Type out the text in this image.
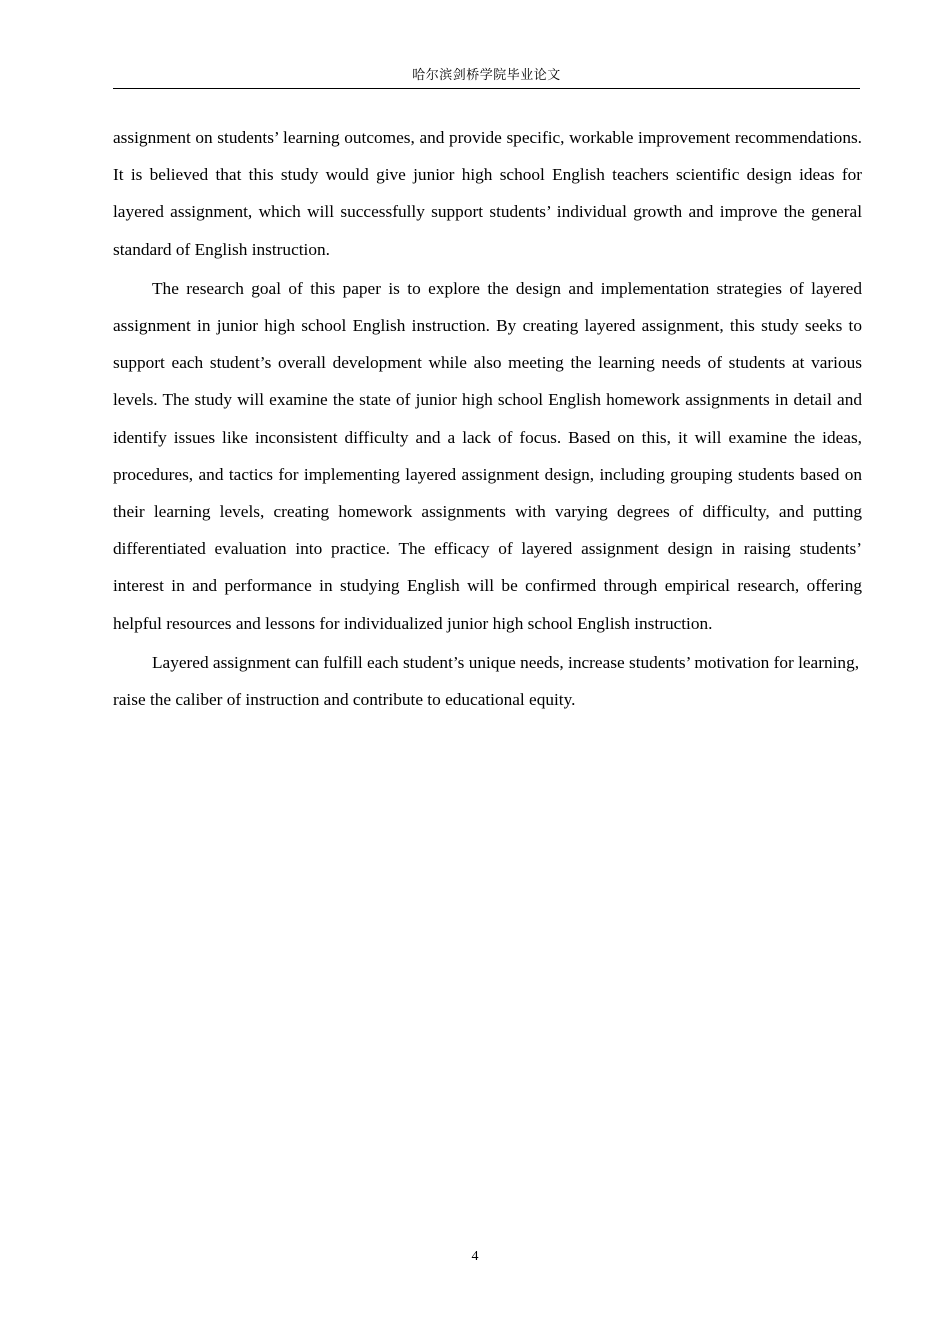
哈尔滨剑桥学院毕业论文

assignment on students’ learning outcomes, and provide specific, workable improvement recommendations. It is believed that this study would give junior high school English teachers scientific design ideas for layered assignment, which will successfully support students’ individual growth and improve the general standard of English instruction.

The research goal of this paper is to explore the design and implementation strategies of layered assignment in junior high school English instruction. By creating layered assignment, this study seeks to support each student’s overall development while also meeting the learning needs of students at various levels. The study will examine the state of junior high school English homework assignments in detail and identify issues like inconsistent difficulty and a lack of focus. Based on this, it will examine the ideas, procedures, and tactics for implementing layered assignment design, including grouping students based on their learning levels, creating homework assignments with varying degrees of difficulty, and putting differentiated evaluation into practice. The efficacy of layered assignment design in raising students’ interest in and performance in studying English will be confirmed through empirical research, offering helpful resources and lessons for individualized junior high school English instruction.

Layered assignment can fulfill each student’s unique needs, increase students’ motivation for learning, raise the caliber of instruction and contribute to educational equity.

4
